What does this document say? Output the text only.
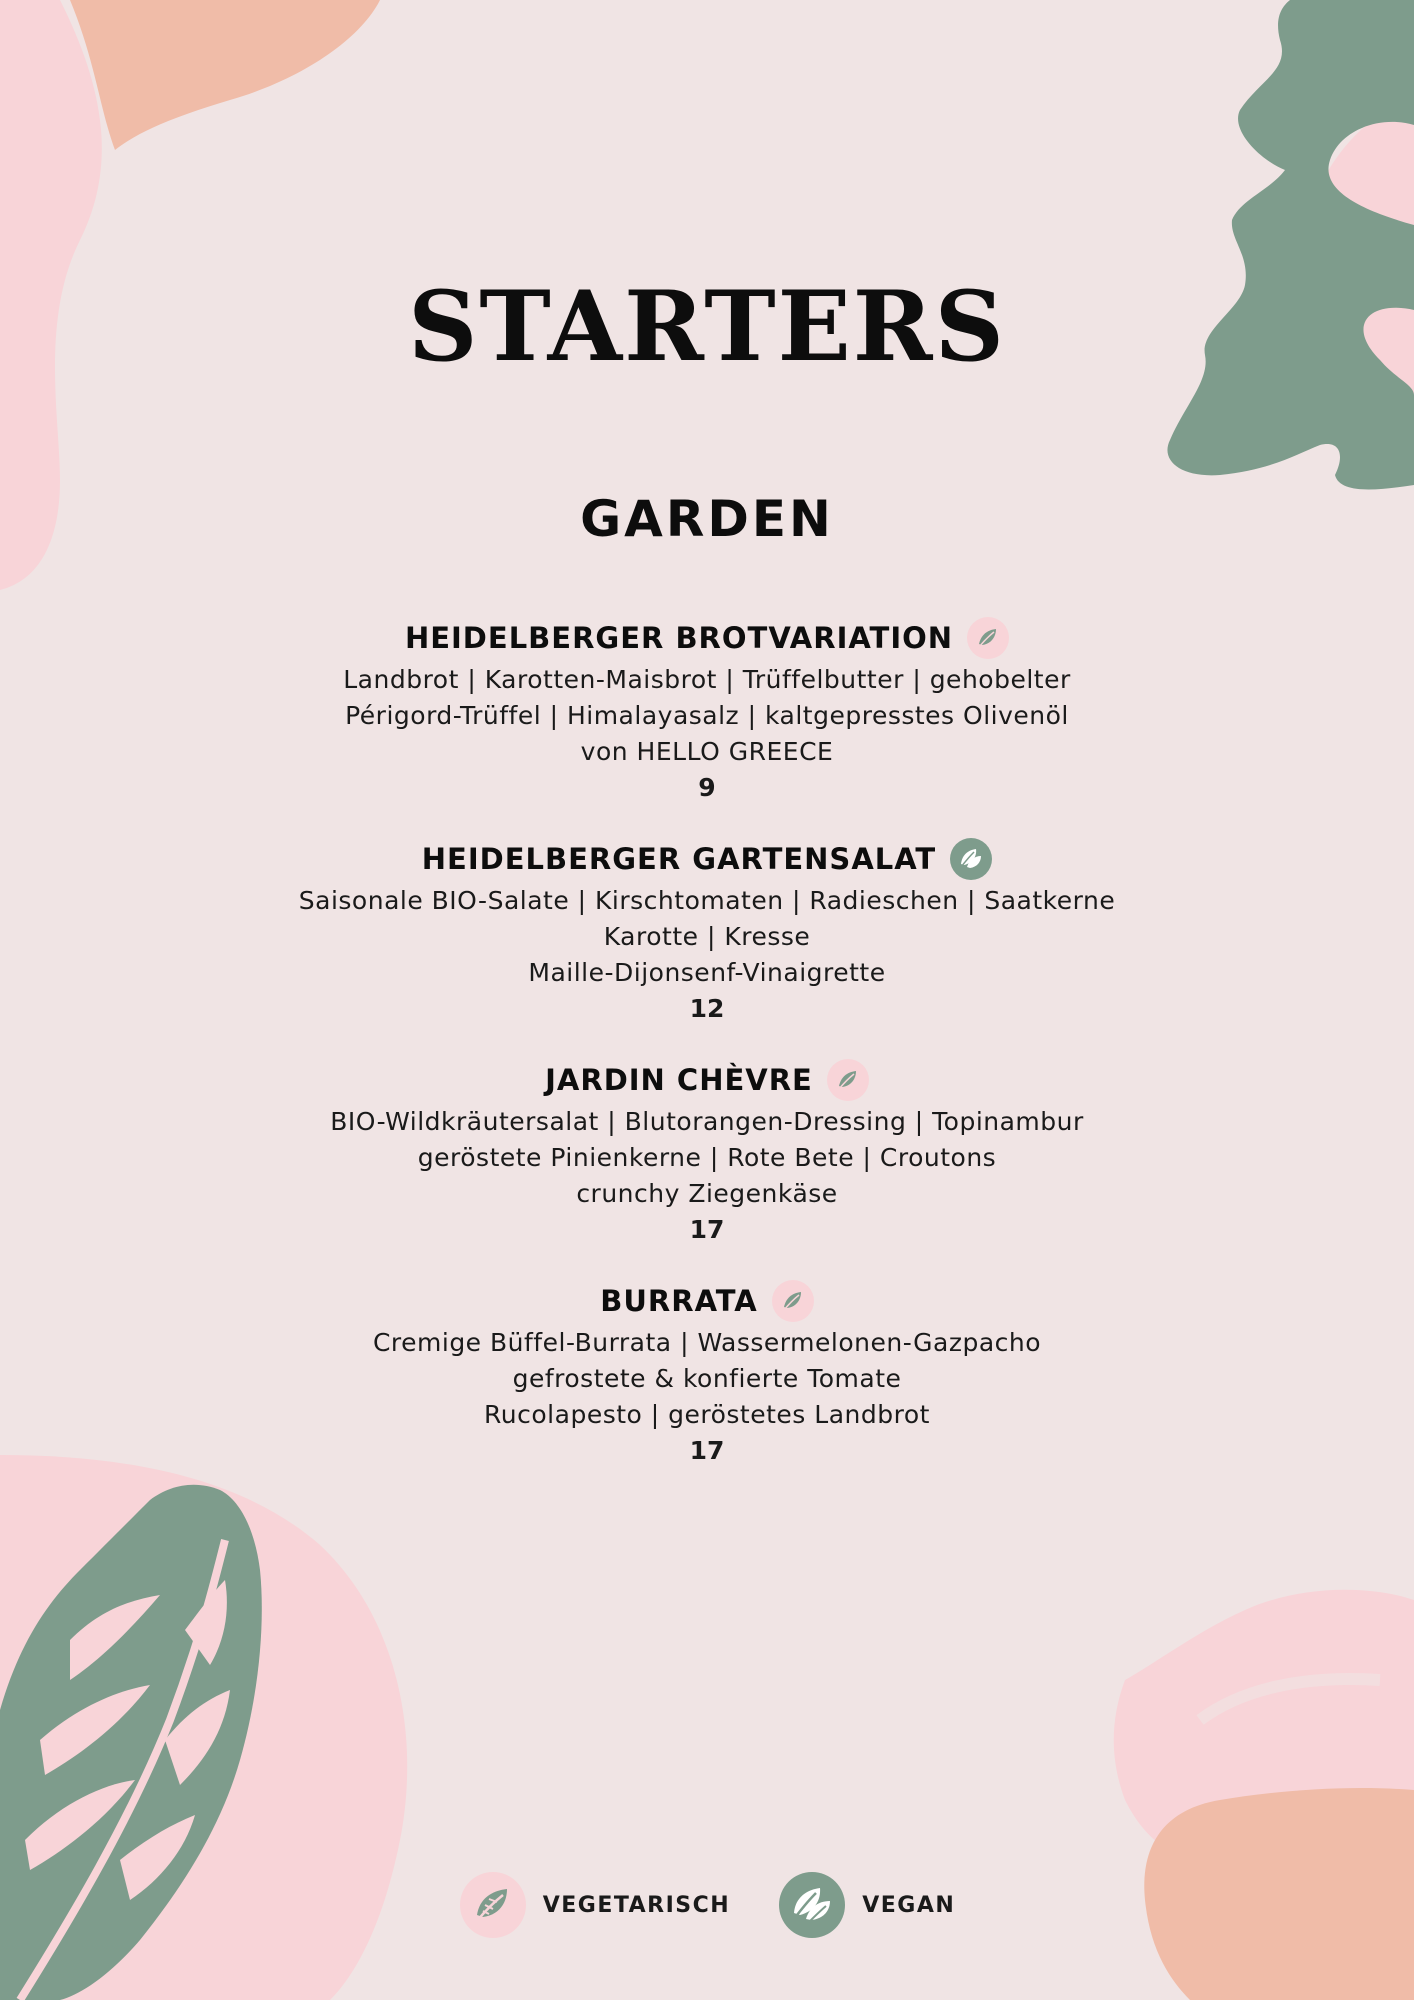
STARTERS
GARDEN
HEIDELBERGER BROTVARIATION
Landbrot | Karotten-Maisbrot | Trüffelbutter | gehobelter
Périgord-Trüffel | Himalayasalz | kaltgepresstes Olivenöl
von HELLO GREECE
9
HEIDELBERGER GARTENSALAT
Saisonale BIO-Salate | Kirschtomaten | Radieschen | Saatkerne
Karotte | Kresse
Maille-Dijonsenf-Vinaigrette
12
JARDIN CHÈVRE
BIO-Wildkräutersalat | Blutorangen-Dressing | Topinambur
geröstete Pinienkerne | Rote Bete | Croutons
crunchy Ziegenkäse
17
BURRATA
Cremige Büffel-Burrata | Wassermelonen-Gazpacho
gefrostete & konfierte Tomate
Rucolapesto | geröstetes Landbrot
17
VEGETARISCH	VEGAN
